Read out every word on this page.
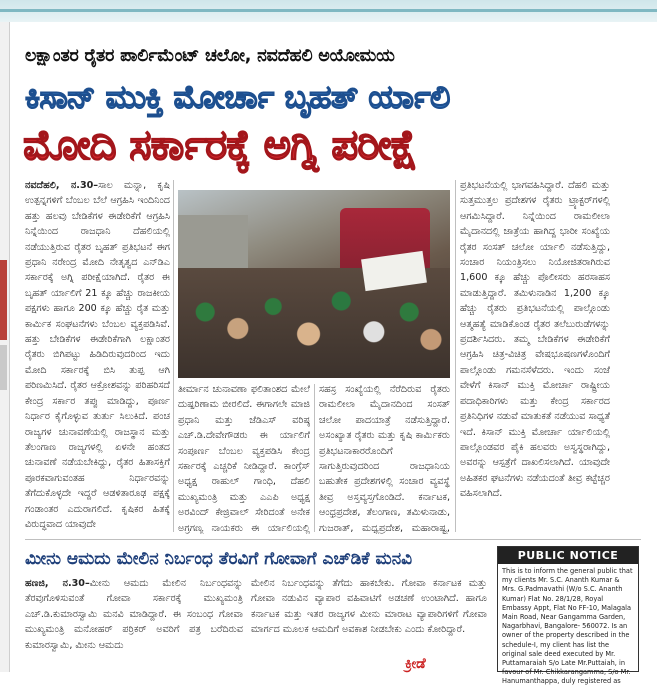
ಲಕ್ಷಾಂತರ ರೈತರ ಪಾರ್ಲಿಮೆಂಟ್ ಚಲೋ, ನವದೆಹಲಿ ಅಯೋಮಯ
ಕಿಸಾನ್ ಮುಕ್ತಿ ಮೋರ್ಚಾ ಬೃಹತ್ ರ್ಯಾಲಿ
ಮೋದಿ ಸರ್ಕಾರಕ್ಕೆ ಅಗ್ನಿ ಪರೀಕ್ಷೆ

ನವದೆಹಲಿ, ನ.30–ಸಾಲ ಮನ್ನಾ, ಕೃಷಿ ಉತ್ಪನ್ನಗಳಿಗೆ ಬೆಂಬಲ ಬೆಲೆ ಆಗ್ರಹಿಸಿ ಇಂದಿನಿಂದ ಹತ್ತು ಹಲವು ಬೇಡಿಕೆಗಳ ಈಡೇರಿಕೆಗೆ ಆಗ್ರಹಿಸಿ ನಿನ್ನೆಯಿಂದ ರಾಜಧಾನಿ ದೆಹಲಿಯಲ್ಲಿ ನಡೆಯುತ್ತಿರುವ ರೈತರ ಬೃಹತ್ ಪ್ರತಿಭಟನೆ ಈಗ ಪ್ರಧಾನಿ ನರೇಂದ್ರ ಮೋದಿ ನೇತೃತ್ವದ ಎನ್‌ಡಿಎ ಸರ್ಕಾರಕ್ಕೆ ಅಗ್ನಿ ಪರೀಕ್ಷೆಯಾಗಿದೆ. ರೈತರ ಈ ಬೃಹತ್ ರ್ಯಾಲಿಗೆ 21 ಕ್ಕೂ ಹೆಚ್ಚು ರಾಜಕೀಯ ಪಕ್ಷಗಳು ಹಾಗೂ 200 ಕ್ಕೂ ಹೆಚ್ಚು ರೈತ ಮತ್ತು ಕಾರ್ಮಿಕ ಸಂಘಟನೆಗಳು ಬೆಂಬಲ ವ್ಯಕ್ತಪಡಿಸಿವೆ. ಹತ್ತು ಬೇಡಿಕೆಗಳ ಈಡೇರಿಕೆಗಾಗಿ ಲಕ್ಷಾಂತರ ರೈತರು ಬಿಗಿಪಟ್ಟು ಹಿಡಿದಿರುವುದರಿಂದ ಇದು ಮೋದಿ ಸರ್ಕಾರಕ್ಕೆ ಬಿಸಿ ತುಪ್ಪ ಆಗಿ ಪರಿಣಮಿಸಿದೆ. ರೈತರ ಆಕ್ರೋಶವನ್ನು ಪರಿಹರಿಸದೆ ಕೇಂದ್ರ ಸರ್ಕಾರ ತಪ್ಪು ಮಾಡಿದ್ದು, ಪೂರ್ಣ ನಿರ್ಧಾರ ಕೈಗೊಳ್ಳುವ ತುರ್ತು ಸಿಲುಕಿದೆ. ಪಂಚ ರಾಜ್ಯಗಳ ಚುನಾವಣೆಯಲ್ಲಿ ರಾಜಸ್ಥಾನ ಮತ್ತು ತೆಲಂಗಾಣ ರಾಜ್ಯಗಳಲ್ಲಿ ಏಳನೇ ಹಂತದ ಚುನಾವಣೆ ನಡೆಯಬೇಕಿದ್ದು, ರೈತರ ಹಿತಾಸಕ್ತಿಗೆ ಪೂರಕವಾಗುವಂತಹ ನಿರ್ಧಾರವನ್ನು ತೆಗೆದುಕೊಳ್ಳದೇ ಇದ್ದರೆ ಆಡಳಿತಾರೂಢ ಪಕ್ಷಕ್ಕೆ ಗಂಡಾಂತರ ಎದುರಾಗಲಿದೆ. ಕೃಷಿಕರ ಹಿತಕ್ಕೆ ವಿರುದ್ಧವಾದ ಯಾವುದೇ

ತೀರ್ಮಾನ ಚುನಾವಣಾ ಫಲಿತಾಂಶದ ಮೇಲೆ ದುಷ್ಪರಿಣಾಮ ಬೀರಲಿದೆ. ಈಗಾಗಲೇ ಮಾಜಿ ಪ್ರಧಾನಿ ಮತ್ತು ಜೆಡಿಎಸ್ ವರಿಷ್ಠ ಎಚ್.ಡಿ.ದೇವೇಗೌಡರು ಈ ರ್ಯಾಲಿಗೆ ಸಂಪೂರ್ಣ ಬೆಂಬಲ ವ್ಯಕ್ತಪಡಿಸಿ ಕೇಂದ್ರ ಸರ್ಕಾರಕ್ಕೆ ಎಚ್ಚರಿಕೆ ನೀಡಿದ್ದಾರೆ. ಕಾಂಗ್ರೆಸ್ ಅಧ್ಯಕ್ಷ ರಾಹುಲ್ ಗಾಂಧಿ, ದೆಹಲಿ ಮುಖ್ಯಮಂತ್ರಿ ಮತ್ತು ಎಎಪಿ ಅಧ್ಯಕ್ಷ ಅರವಿಂದ್ ಕೇಜ್ರಿವಾಲ್ ಸೇರಿದಂತೆ ಅನೇಕ ಅಗ್ರಗಣ್ಯ ನಾಯಕರು ಈ ರ್ಯಾಲಿಯಲ್ಲಿ

ಸಹಸ್ರ ಸಂಖ್ಯೆಯಲ್ಲಿ ನೆರೆದಿರುವ ರೈತರು ರಾಮಲೀಲಾ ಮೈದಾನದಿಂದ ಸಂಸತ್ ಚಲೋ ಪಾದಯಾತ್ರೆ ನಡೆಸುತ್ತಿದ್ದಾರೆ. ಅಸಂಖ್ಯಾತ ರೈತರು ಮತ್ತು ಕೃಷಿ ಕಾರ್ಮಿಕರು ಪ್ರತಿಭಟನಾಕಾರರೊಂದಿಗೆ ಸಾಗುತ್ತಿರುವುದರಿಂದ ರಾಜಧಾನಿಯ ಬಹುತೇಕ ಪ್ರದೇಶಗಳಲ್ಲಿ ಸಂಚಾರ ವ್ಯವಸ್ಥೆ ತೀವ್ರ ಅಸ್ತವ್ಯಸ್ತಗೊಂಡಿದೆ. ಕರ್ನಾಟಕ, ಆಂಧ್ರಪ್ರದೇಶ, ತೆಲಂಗಾಣ, ತಮಿಳುನಾಡು, ಗುಜರಾತ್, ಮಧ್ಯಪ್ರದೇಶ, ಮಹಾರಾಷ್ಟ್ರ,

ಪ್ರತಿಭಟನೆಯಲ್ಲಿ ಭಾಗವಹಿಸಿದ್ದಾರೆ. ದೆಹಲಿ ಮತ್ತು ಸುತ್ತಮುತ್ತಲ ಪ್ರದೇಶಗಳ ರೈತರು ಟ್ರ್ಯಾಕ್ಟರ್‌ಗಳಲ್ಲಿ ಆಗಮಿಸಿದ್ದಾರೆ. ನಿನ್ನೆಯಿಂದ ರಾಮಲೀಲಾ ಮೈದಾನದಲ್ಲಿ ಜಾತ್ರೆಯ ಹಾಗಿದ್ದ ಭಾರೀ ಸಂಖ್ಯೆಯ ರೈತರ ಸಂಸತ್ ಚಲೋ ರ್ಯಾಲಿ ನಡೆಸುತ್ತಿದ್ದು, ಸಂಚಾರ ನಿಯಂತ್ರಿಸಲು ನಿಯೋಜಿತರಾಗಿರುವ 1,600 ಕ್ಕೂ ಹೆಚ್ಚು ಪೊಲೀಸರು ಹರಸಾಹಸ ಮಾಡುತ್ತಿದ್ದಾರೆ. ತಮಿಳುನಾಡಿನ 1,200 ಕ್ಕೂ ಹೆಚ್ಚು ರೈತರು ಪ್ರತಿಭಟನೆಯಲ್ಲಿ ಪಾಲ್ಗೊಂಡು ಆತ್ಮಹತ್ಯೆ ಮಾಡಿಕೊಂಡ ರೈತರ ತಲೆಬುರುಡೆಗಳನ್ನು ಪ್ರದರ್ಶಿಸಿದರು. ತಮ್ಮ ಬೇಡಿಕೆಗಳ ಈಡೇರಿಕೆಗೆ ಆಗ್ರಹಿಸಿ ಚಿತ್ರ-ವಿಚಿತ್ರ ವೇಷಭೂಷಣಗಳೊಂದಿಗೆ ಪಾಲ್ಗೊಂಡು ಗಮನಸೆಳೆದರು. ಇಂದು ಸಂಜೆ ವೇಳೆಗೆ ಕಿಸಾನ್ ಮುಕ್ತಿ ಮೋರ್ಚಾ ರಾಷ್ಟ್ರೀಯ ಪದಾಧಿಕಾರಿಗಳು ಮತ್ತು ಕೇಂದ್ರ ಸರ್ಕಾರದ ಪ್ರತಿನಿಧಿಗಳ ನಡುವೆ ಮಾತುಕತೆ ನಡೆಯುವ ಸಾಧ್ಯತೆ ಇದೆ. ಕಿಸಾನ್ ಮುಕ್ತಿ ಮೋರ್ಚಾ ರ್ಯಾಲಿಯಲ್ಲಿ ಪಾಲ್ಗೊಂಡವರ ಪೈಕಿ ಹಲವರು ಅಸ್ವಸ್ಥರಾಗಿದ್ದು, ಅವರನ್ನು ಆಸ್ಪತ್ರೆಗೆ ದಾಖಲಿಸಲಾಗಿದೆ. ಯಾವುದೇ ಅಹಿತಕರ ಘಟನೆಗಳು ನಡೆಯದಂತೆ ತೀವ್ರ ಕಟ್ಟೆಚ್ಚರ ವಹಿಸಲಾಗಿದೆ.

ಮೀನು ಆಮದು ಮೇಲಿನ ನಿರ್ಬಂಧ ತೆರವಿಗೆ ಗೋವಾಗೆ ಎಚ್‌ಡಿಕೆ ಮನವಿ

ಹಣಜಿ, ನ.30–ಮೀನು ಆಮದು ಮೇಲಿನ ನಿರ್ಬಂಧವನ್ನು ತೆರವುಗೊಳಿಸುವಂತೆ ಗೋವಾ ಸರ್ಕಾರಕ್ಕೆ ಮುಖ್ಯಮಂತ್ರಿ ಎಚ್.ಡಿ.ಕುಮಾರಸ್ವಾಮಿ ಮನವಿ ಮಾಡಿದ್ದಾರೆ. ಈ ಸಂಬಂಧ ಗೋವಾ ಮುಖ್ಯಮಂತ್ರಿ ಮನೋಹರ್ ಪರ್ರಿಕರ್ ಅವರಿಗೆ ಪತ್ರ ಬರೆದಿರುವ ಕುಮಾರಸ್ವಾಮಿ, ಮೀನು ಆಮದು

ಮೇಲಿನ ನಿರ್ಬಂಧವನ್ನು ತೆಗೆದು ಹಾಕಬೇಕು. ಗೋವಾ ಕರ್ನಾಟಕ ಮತ್ತು ಗೋವಾ ನಡುವಿನ ವ್ಯಾಪಾರ ವಹಿವಾಟಿಗೆ ಅಡಚಣೆ ಉಂಟಾಗಿದೆ. ಹಾಗೂ ಕರ್ನಾಟಕ ಮತ್ತು ಇತರ ರಾಜ್ಯಗಳ ಮೀನು ಮಾರಾಟ ವ್ಯಾಪಾರಿಗಳಿಗೆ ಗೋವಾ ಮಾರ್ಗದ ಮೂಲಕ ಆಮದಿಗೆ ಅವಕಾಶ ನೀಡಬೇಕು ಎಂದು ಕೋರಿದ್ದಾರೆ.

PUBLIC NOTICE
This is to inform the general public that my clients Mr. S.C. Ananth Kumar & Mrs. G.Padmavathi (W/o S.C. Ananth Kumar) Flat No. 28/1/28, Royal Embassy Appt, Flat No FF-10, Malagala Main Road, Near Gangamma Garden, Nagarbhavi, Bangalore- 560072. Is an owner of the property described in the schedule-I, my client has list the original sale deed executed by Mr. Puttamaraiah S/o Late Mr.Puttaiah, in favour of Mr. Chikkarangamma, S/o Mr. Hanumanthappa, duly registered as
ಕ್ರೀಡೆ
